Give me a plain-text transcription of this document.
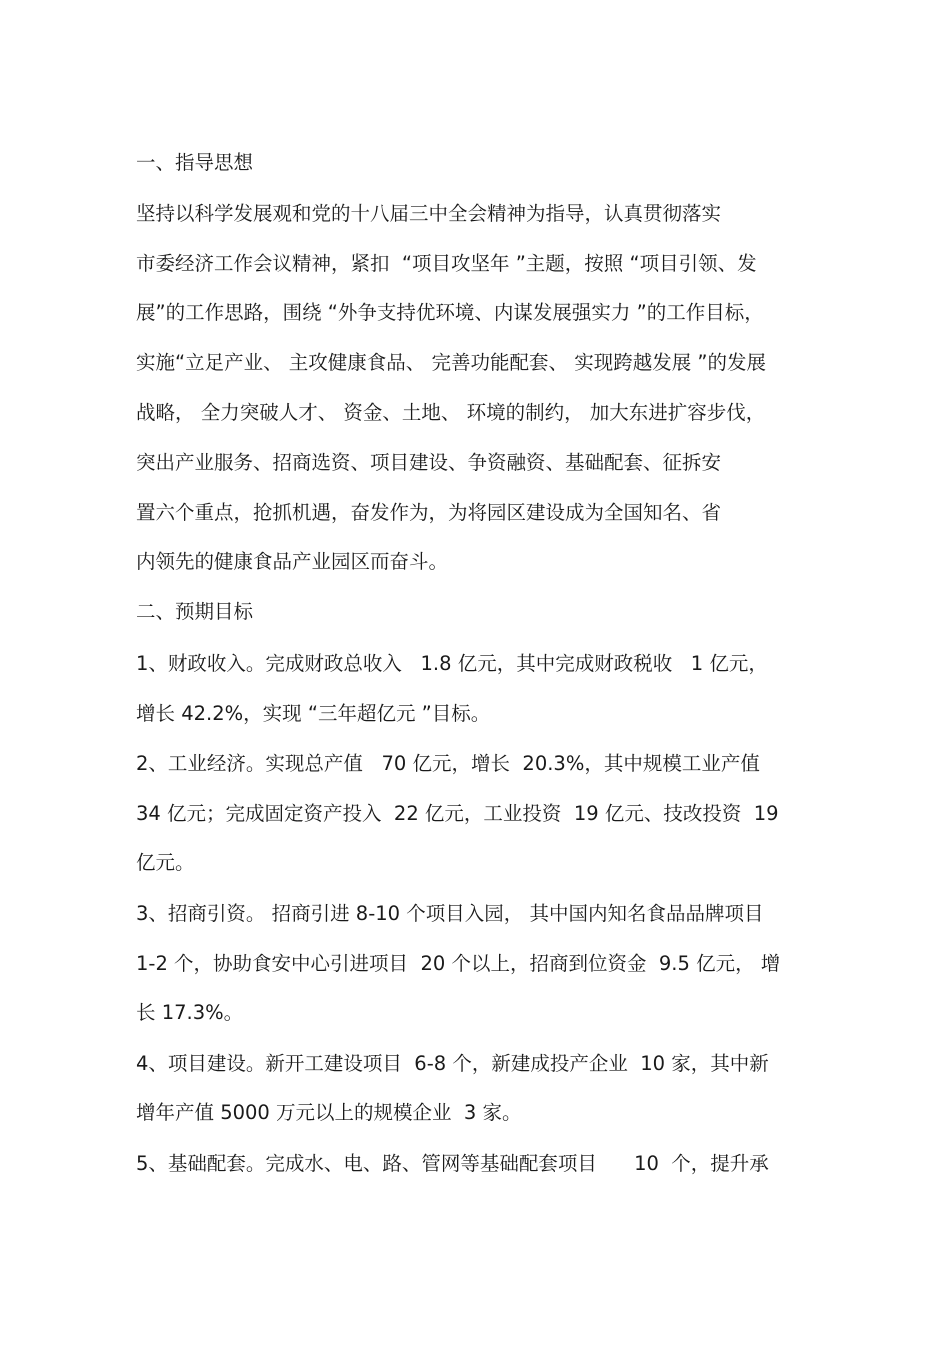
一、指导思想
坚持以科学发展观和党的十八届三中全会精神为指导，认真贯彻落实
市委经济工作会议精神，紧扣  “项目攻坚年 ”主题，按照 “项目引领、发
展”的工作思路，围绕 “外争支持优环境、内谋发展强实力 ”的工作目标，
实施“立足产业、 主攻健康食品、 完善功能配套、 实现跨越发展 ”的发展
战略， 全力突破人才、 资金、土地、 环境的制约， 加大东进扩容步伐，
突出产业服务、招商选资、项目建设、争资融资、基础配套、征拆安
置六个重点，抢抓机遇，奋发作为，为将园区建设成为全国知名、省
内领先的健康食品产业园区而奋斗。
二、预期目标
1、财政收入。完成财政总收入   1.8 亿元，其中完成财政税收   1 亿元，
增长 42.2%，实现 “三年超亿元 ”目标。
2、工业经济。实现总产值   70 亿元，增长  20.3%，其中规模工业产值
34 亿元；完成固定资产投入  22 亿元，工业投资  19 亿元、技改投资  19
亿元。
3、招商引资。 招商引进 8-10 个项目入园， 其中国内知名食品品牌项目
1-2 个，协助食安中心引进项目  20 个以上，招商到位资金  9.5 亿元， 增
长 17.3%。
4、项目建设。新开工建设项目  6-8 个，新建成投产企业  10 家，其中新
增年产值 5000 万元以上的规模企业  3 家。
5、基础配套。完成水、电、路、管网等基础配套项目      10  个，提升承
